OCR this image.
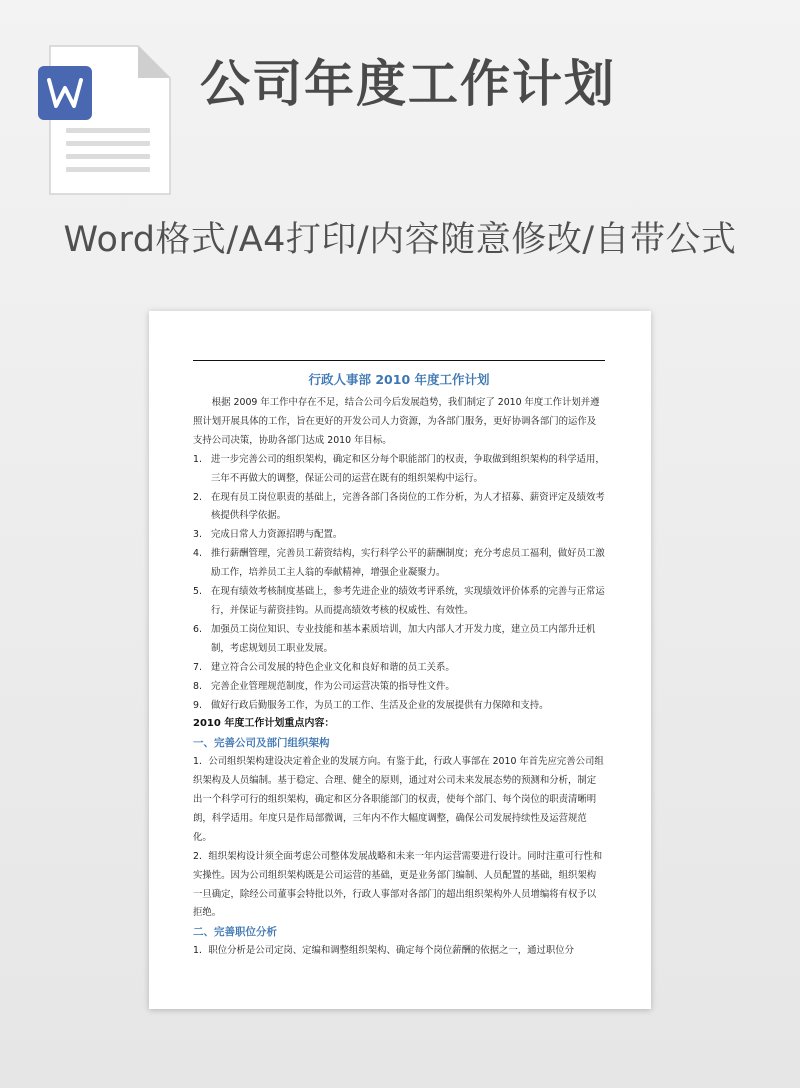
公司年度工作计划
Word格式/A4打印/内容随意修改/自带公式

行政人事部 2010 年度工作计划

根据 2009 年工作中存在不足，结合公司今后发展趋势，我们制定了 2010 年度工作计划并遵照计划开展具体的工作，旨在更好的开发公司人力资源，为各部门服务，更好协调各部门的运作及支持公司决策，协助各部门达成 2010 年目标。

1. 进一步完善公司的组织架构，确定和区分每个职能部门的权责，争取做到组织架构的科学适用，三年不再做大的调整，保证公司的运营在既有的组织架构中运行。
2. 在现有员工岗位职责的基础上，完善各部门各岗位的工作分析，为人才招募、薪资评定及绩效考核提供科学依据。
3. 完成日常人力资源招聘与配置。
4. 推行薪酬管理，完善员工薪资结构，实行科学公平的薪酬制度；充分考虑员工福利，做好员工激励工作，培养员工主人翁的奉献精神，增强企业凝聚力。
5. 在现有绩效考核制度基础上，参考先进企业的绩效考评系统，实现绩效评价体系的完善与正常运行，并保证与薪资挂钩。从而提高绩效考核的权威性、有效性。
6. 加强员工岗位知识、专业技能和基本素质培训，加大内部人才开发力度，建立员工内部升迁机制，考虑规划员工职业发展。
7. 建立符合公司发展的特色企业文化和良好和谐的员工关系。
8. 完善企业管理规范制度，作为公司运营决策的指导性文件。
9. 做好行政后勤服务工作，为员工的工作、生活及企业的发展提供有力保障和支持。

2010 年度工作计划重点内容：

一、完善公司及部门组织架构

1．公司组织架构建设决定着企业的发展方向。有鉴于此，行政人事部在 2010 年首先应完善公司组织架构及人员编制。基于稳定、合理、健全的原则，通过对公司未来发展态势的预测和分析，制定出一个科学可行的组织架构，确定和区分各职能部门的权责，使每个部门、每个岗位的职责清晰明朗，科学适用。年度只是作局部微调，三年内不作大幅度调整，确保公司发展持续性及运营规范化。

2．组织架构设计须全面考虑公司整体发展战略和未来一年内运营需要进行设计。同时注重可行性和实操性。因为公司组织架构既是公司运营的基础，更是业务部门编制、人员配置的基础，组织架构一旦确定，除经公司董事会特批以外，行政人事部对各部门的超出组织架构外人员增编将有权予以拒绝。

二、完善职位分析

1．职位分析是公司定岗、定编和调整组织架构、确定每个岗位薪酬的依据之一，通过职位分
